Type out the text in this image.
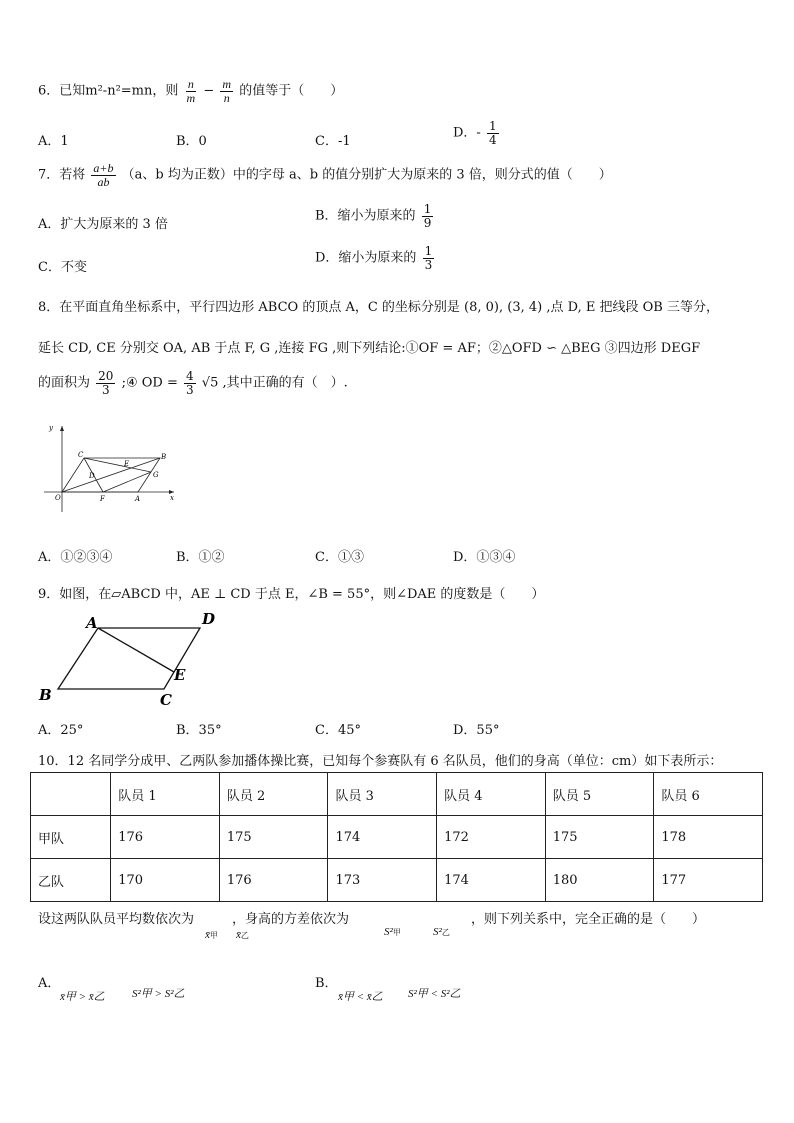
6．已知m²-n²=mn，则 $\frac{n}{m} - \frac{m}{n}$ 的值等于（　　）
A．1	B．0	C．-1
D．- $\frac{1}{4}$
7．若将 $\frac{a+b}{ab} (a$、b 均为正数）中的字母 a、b 的值分别扩大为原来的 3 倍，则分式的值（　　）
A．扩大为原来的 3 倍
B．缩小为原来的 $\frac{1}{9}$
C．不变
D．缩小为原来的 $\frac{1}{3}$
8．在平面直角坐标系中，平行四边形 ABCO 的顶点 A，C 的坐标分别是 (8, 0), (3, 4) ,点 D, E 把线段 OB 三等分，
延长 CD, CE 分别交 OA, AB 于点 F, G ,连接 FG ,则下列结论:①OF = AF；②△OFD ∽ △BEG ③四边形 DEGF
的面积为 $\frac{20}{3}$ ;④ OD = $\frac{4}{3} √5$ ,其中正确的有（　）.
y
x
O	A
B
C
D
E
F
G
A．①②③④	B．①②	C．①③	D．①③④
9．如图，在▱ABCD 中，AE ⊥ CD 于点 E，∠B = 55°，则∠DAE 的度数是（　　）
A	D
B	C
E
A．25°	B．35°	C．45°	D．55°
10．12 名同学分成甲、乙两队参加播体操比赛，已知每个参赛队有 6 名队员，他们的身高（单位：cm）如下表所示：
	队员 1	队员 2	队员 3	队员 4	队员 5	队员 6
甲队	176	175	174	172	175	178
乙队	170	176	173	174	180	177
设这两队队员平均数依次为	，身高的方差依次为	，则下列关系中，完全正确的是（　　）
x̄甲 x̄乙	S²甲	S²乙
A．
x̄甲 > x̄乙 S²甲 > S²乙
B．
x̄甲 < x̄乙 S²甲 < S²乙
